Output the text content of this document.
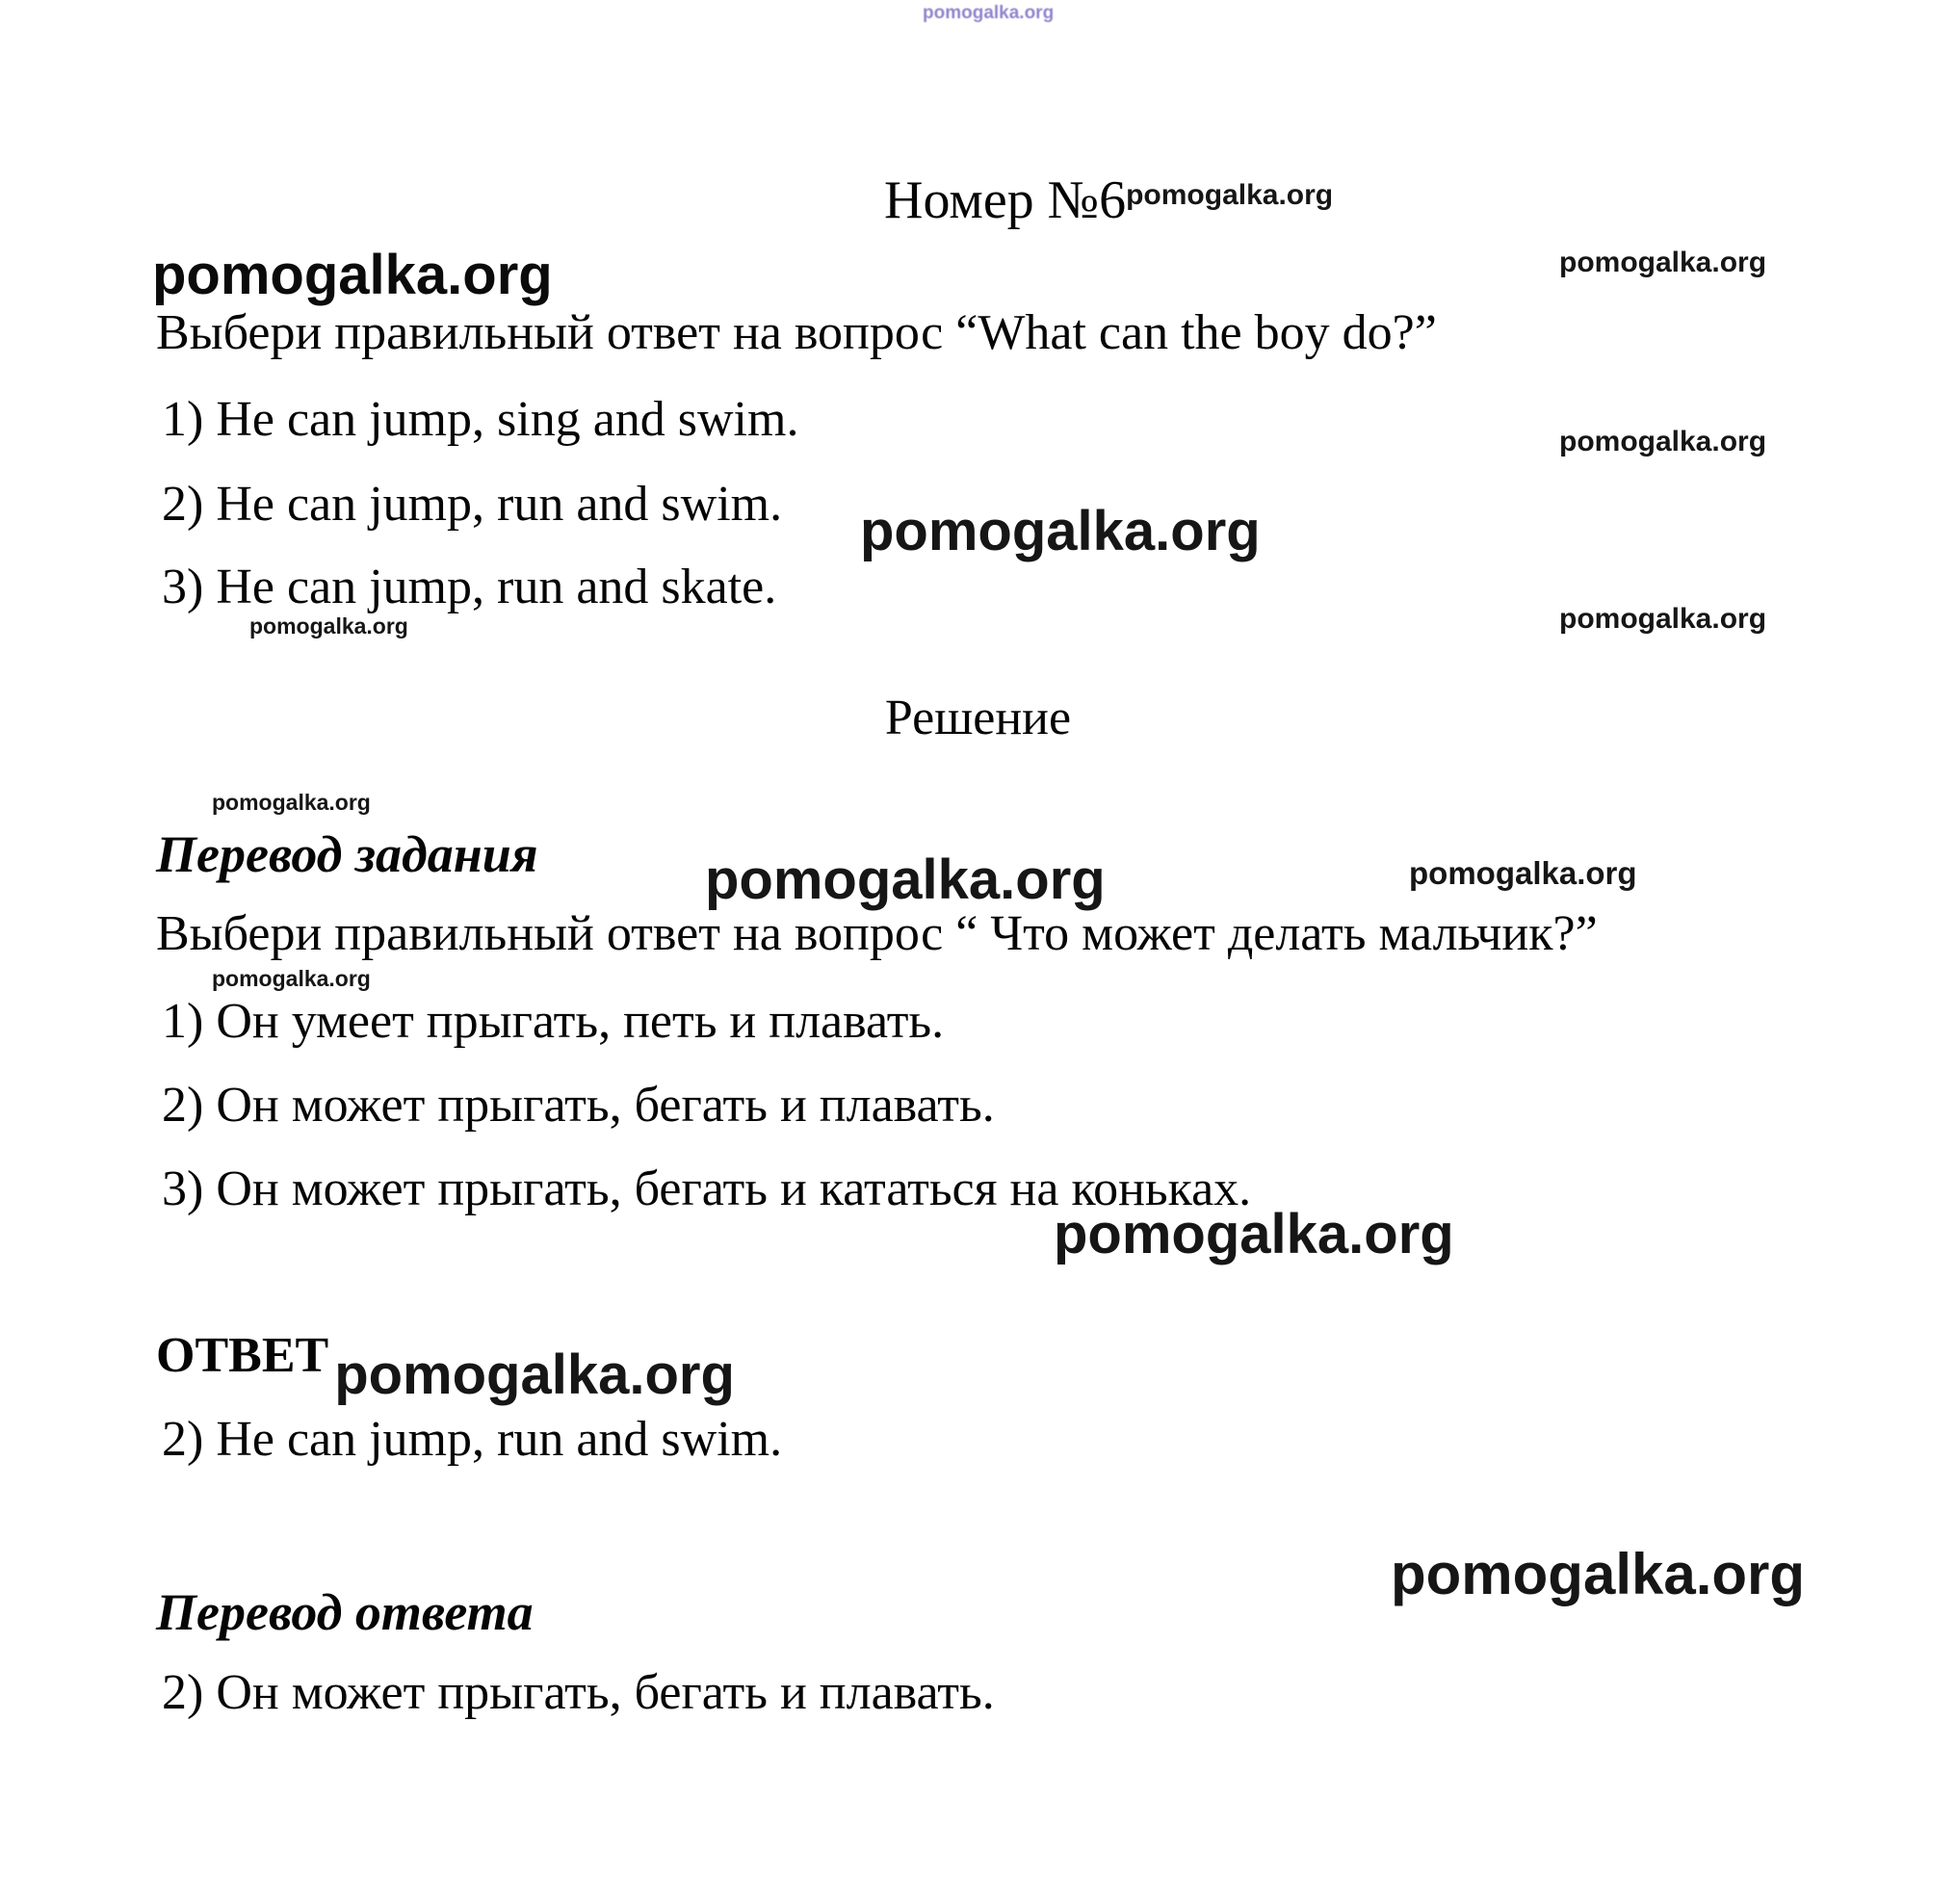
pomogalka.org
Номер №6 pomogalka.org
pomogalka.org
pomogalka.org
Выбери правильный ответ на вопрос “What can the boy do?”
1) He can jump, sing and swim.	pomogalka.org
2) He can jump, run and swim. pomogalka.org
3) He can jump, run and skate.
pomogalka.org	pomogalka.org
Решение
pomogalka.org
Перевод задания	pomogalka.org	pomogalka.org
Выбери правильный ответ на вопрос “ Что может делать мальчик?”
pomogalka.org
1) Он умеет прыгать, петь и плавать.
2) Он может прыгать, бегать и плавать.
3) Он может прыгать, бегать и кататься на коньках.
pomogalka.org
ОТВЕТ pomogalka.org
2) He can jump, run and swim.
pomogalka.org
Перевод ответа
2) Он может прыгать, бегать и плавать.
